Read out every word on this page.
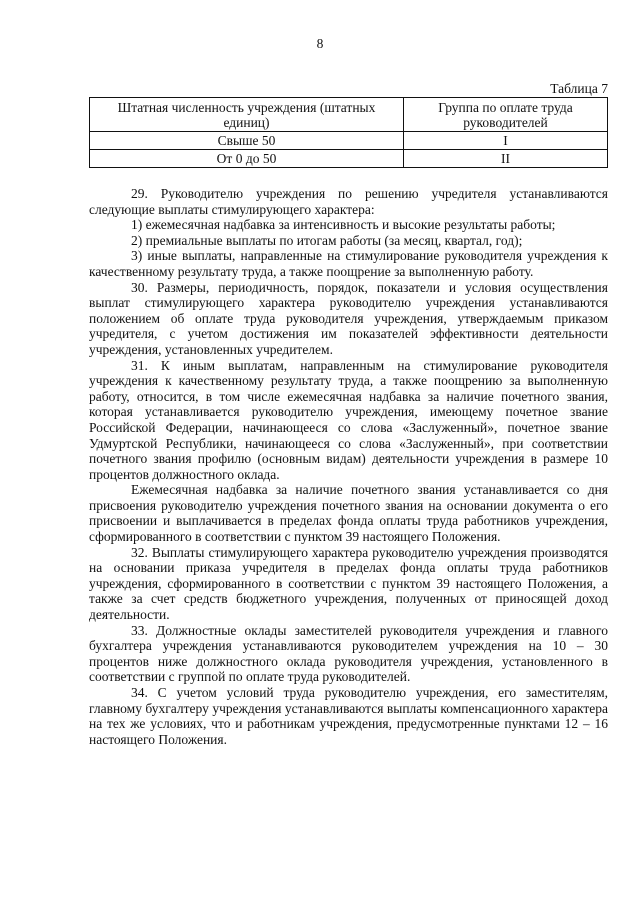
8
Таблица 7
Штатная численность учреждения (штатных единиц)	Группа по оплате труда руководителей
Свыше 50	I
От 0 до 50	II

29. Руководителю учреждения по решению учредителя устанавливаются следующие выплаты стимулирующего характера:

1) ежемесячная надбавка за интенсивность и высокие результаты работы;

2) премиальные выплаты по итогам работы (за месяц, квартал, год);

3) иные выплаты, направленные на стимулирование руководителя учреждения к качественному результату труда, а также поощрение за выполненную работу.

30. Размеры, периодичность, порядок, показатели и условия осуществления выплат стимулирующего характера руководителю учреждения устанавливаются положением об оплате труда руководителя учреждения, утверждаемым приказом учредителя, с учетом достижения им показателей эффективности деятельности учреждения, установленных учредителем.

31. К иным выплатам, направленным на стимулирование руководителя учреждения к качественному результату труда, а также поощрению за выполненную работу, относится, в том числе ежемесячная надбавка за наличие почетного звания, которая устанавливается руководителю учреждения, имеющему почетное звание Российской Федерации, начинающееся со слова «Заслуженный», почетное звание Удмуртской Республики, начинающееся со слова «Заслуженный», при соответствии почетного звания профилю (основным видам) деятельности учреждения в размере 10 процентов должностного оклада.

Ежемесячная надбавка за наличие почетного звания устанавливается со дня присвоения руководителю учреждения почетного звания на основании документа о его присвоении и выплачивается в пределах фонда оплаты труда работников учреждения, сформированного в соответствии с пунктом 39 настоящего Положения.

32. Выплаты стимулирующего характера руководителю учреждения производятся на основании приказа учредителя в пределах фонда оплаты труда работников учреждения, сформированного в соответствии с пунктом 39 настоящего Положения, а также за счет средств бюджетного учреждения, полученных от приносящей доход деятельности.

33. Должностные оклады заместителей руководителя учреждения и главного бухгалтера учреждения устанавливаются руководителем учреждения на 10 – 30 процентов ниже должностного оклада руководителя учреждения, установленного в соответствии с группой по оплате труда руководителей.

34. С учетом условий труда руководителю учреждения, его заместителям, главному бухгалтеру учреждения устанавливаются выплаты компенсационного характера на тех же условиях, что и работникам учреждения, предусмотренные пунктами 12 – 16 настоящего Положения.
